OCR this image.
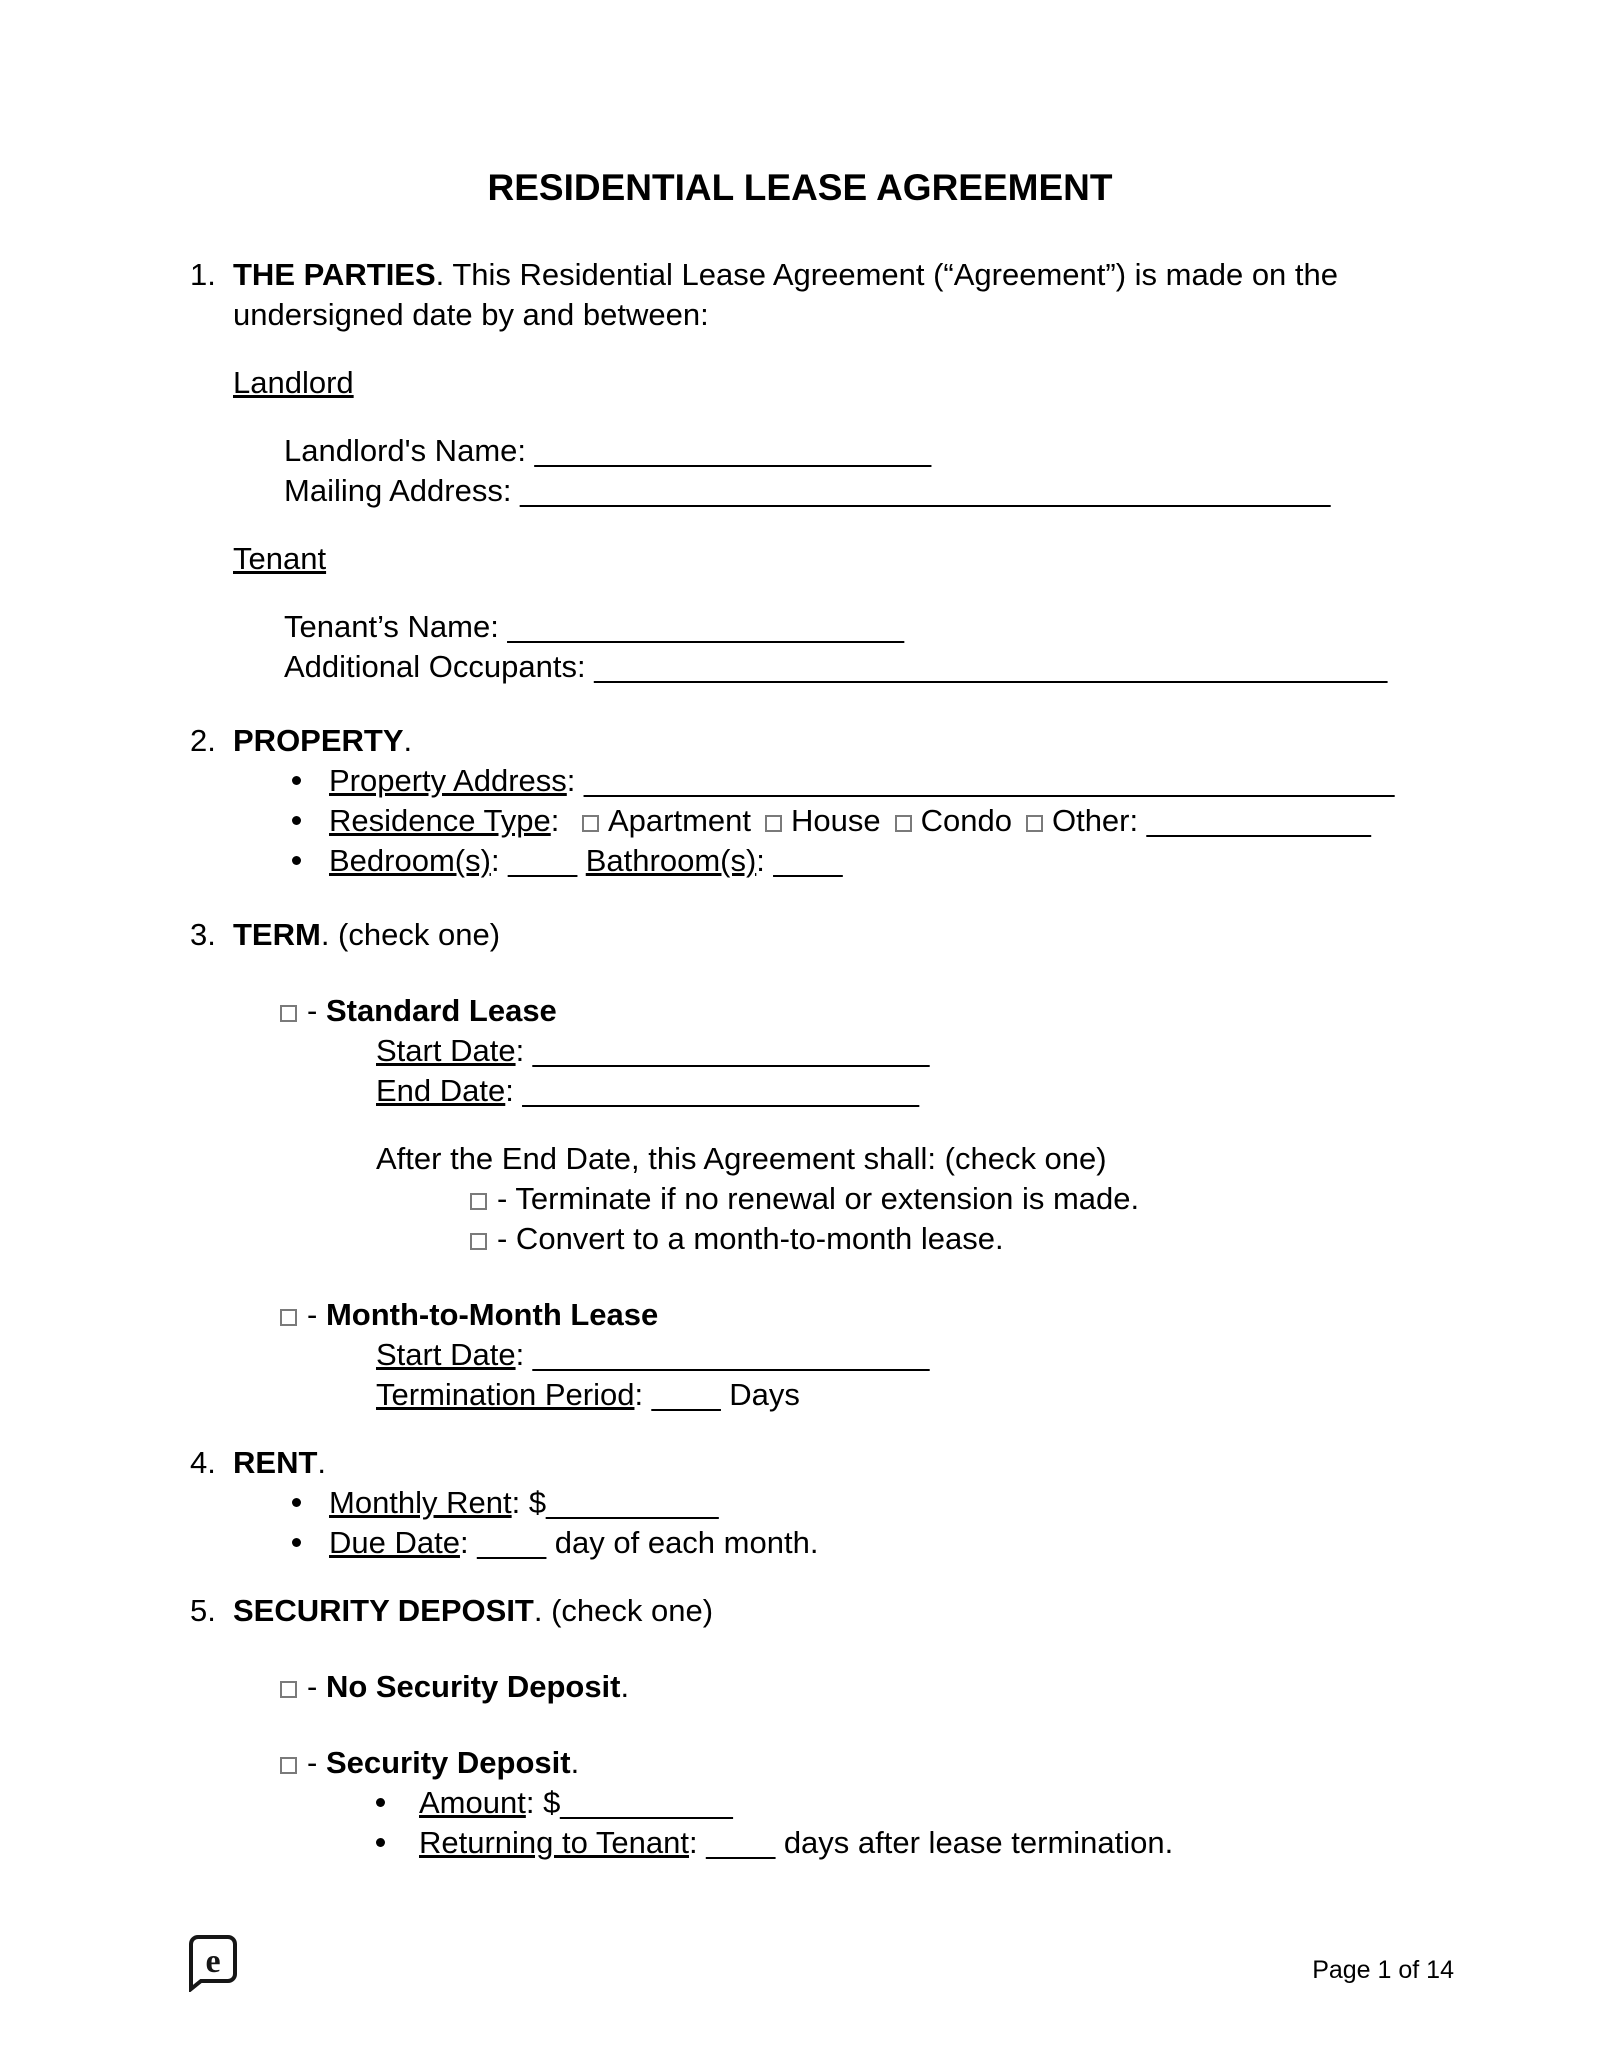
RESIDENTIAL LEASE AGREEMENT
1. THE PARTIES. This Residential Lease Agreement (“Agreement”) is made on the
undersigned date by and between:
Landlord
Landlord's Name: _______________________
Mailing Address: _______________________________________________
Tenant
Tenant’s Name: _______________________
Additional Occupants: ______________________________________________
2. PROPERTY.
Property Address: _______________________________________________
Residence Type: Apartment House Condo Other: _____________
Bedroom(s): ____ Bathroom(s): ____
3. TERM. (check one)
- Standard Lease
Start Date: _______________________
End Date: _______________________
After the End Date, this Agreement shall: (check one)
- Terminate if no renewal or extension is made.
- Convert to a month-to-month lease.
- Month-to-Month Lease
Start Date: _______________________
Termination Period: ____ Days
4. RENT.
Monthly Rent: $__________
Due Date: ____ day of each month.
5. SECURITY DEPOSIT. (check one)
- No Security Deposit.
- Security Deposit.
Amount: $__________
Returning to Tenant: ____ days after lease termination.
e	Page 1 of 14
